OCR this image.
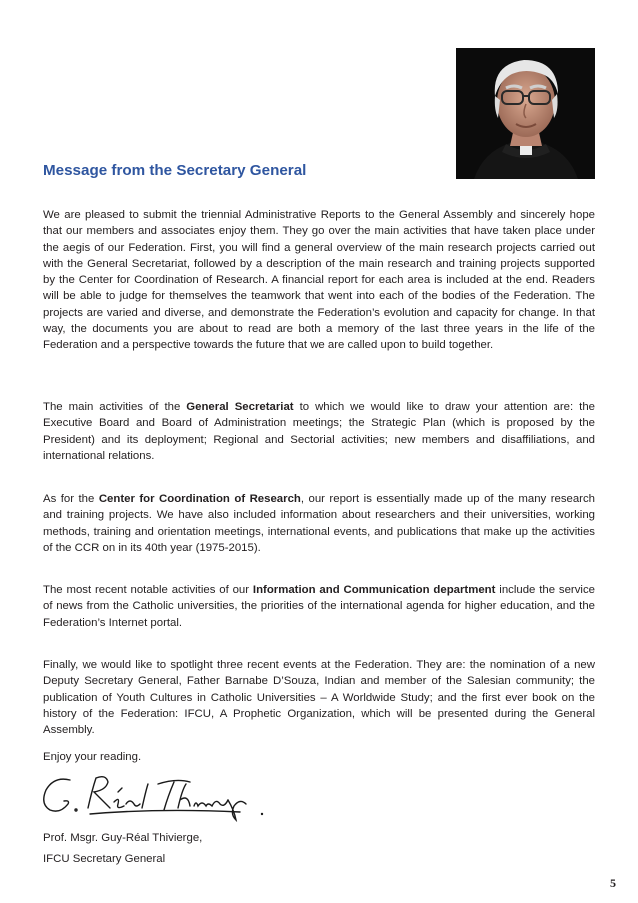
Message from the Secretary General

We are pleased to submit the triennial Administrative Reports to the General Assembly and sincerely hope that our members and associates enjoy them. They go over the main activities that have taken place under the aegis of our Federation. First, you will find a general overview of the main research projects carried out with the General Secretariat, followed by a description of the main research and training projects supported by the Center for Coordination of Research. A financial report for each area is included at the end. Readers will be able to judge for themselves the teamwork that went into each of the bodies of the Federation. The projects are varied and diverse, and demonstrate the Federation’s evolution and capacity for change. In that way, the documents you are about to read are both a memory of the last three years in the life of the Federation and a perspective towards the future that we are called upon to build together.

The main activities of the General Secretariat to which we would like to draw your attention are: the Executive Board and Board of Administration meetings; the Strategic Plan (which is proposed by the President) and its deployment; Regional and Sectorial activities; new members and disaffiliations, and international relations.

As for the Center for Coordination of Research, our report is essentially made up of the many research and training projects. We have also included information about researchers and their universities, working methods, training and orientation meetings, international events, and publications that make up the activities of the CCR on in its 40th year (1975-2015).

The most recent notable activities of our Information and Communication department include the service of news from the Catholic universities, the priorities of the international agenda for higher education, and the Federation’s Internet portal.

Finally, we would like to spotlight three recent events at the Federation. They are: the nomination of a new Deputy Secretary General, Father Barnabe D’Souza, Indian and member of the Salesian community; the publication of Youth Cultures in Catholic Universities – A Worldwide Study; and the first ever book on the history of the Federation: IFCU, A Prophetic Organization, which will be presented during the General Assembly.

Enjoy your reading.

Prof. Msgr. Guy-Réal Thivierge,

IFCU Secretary General

5
